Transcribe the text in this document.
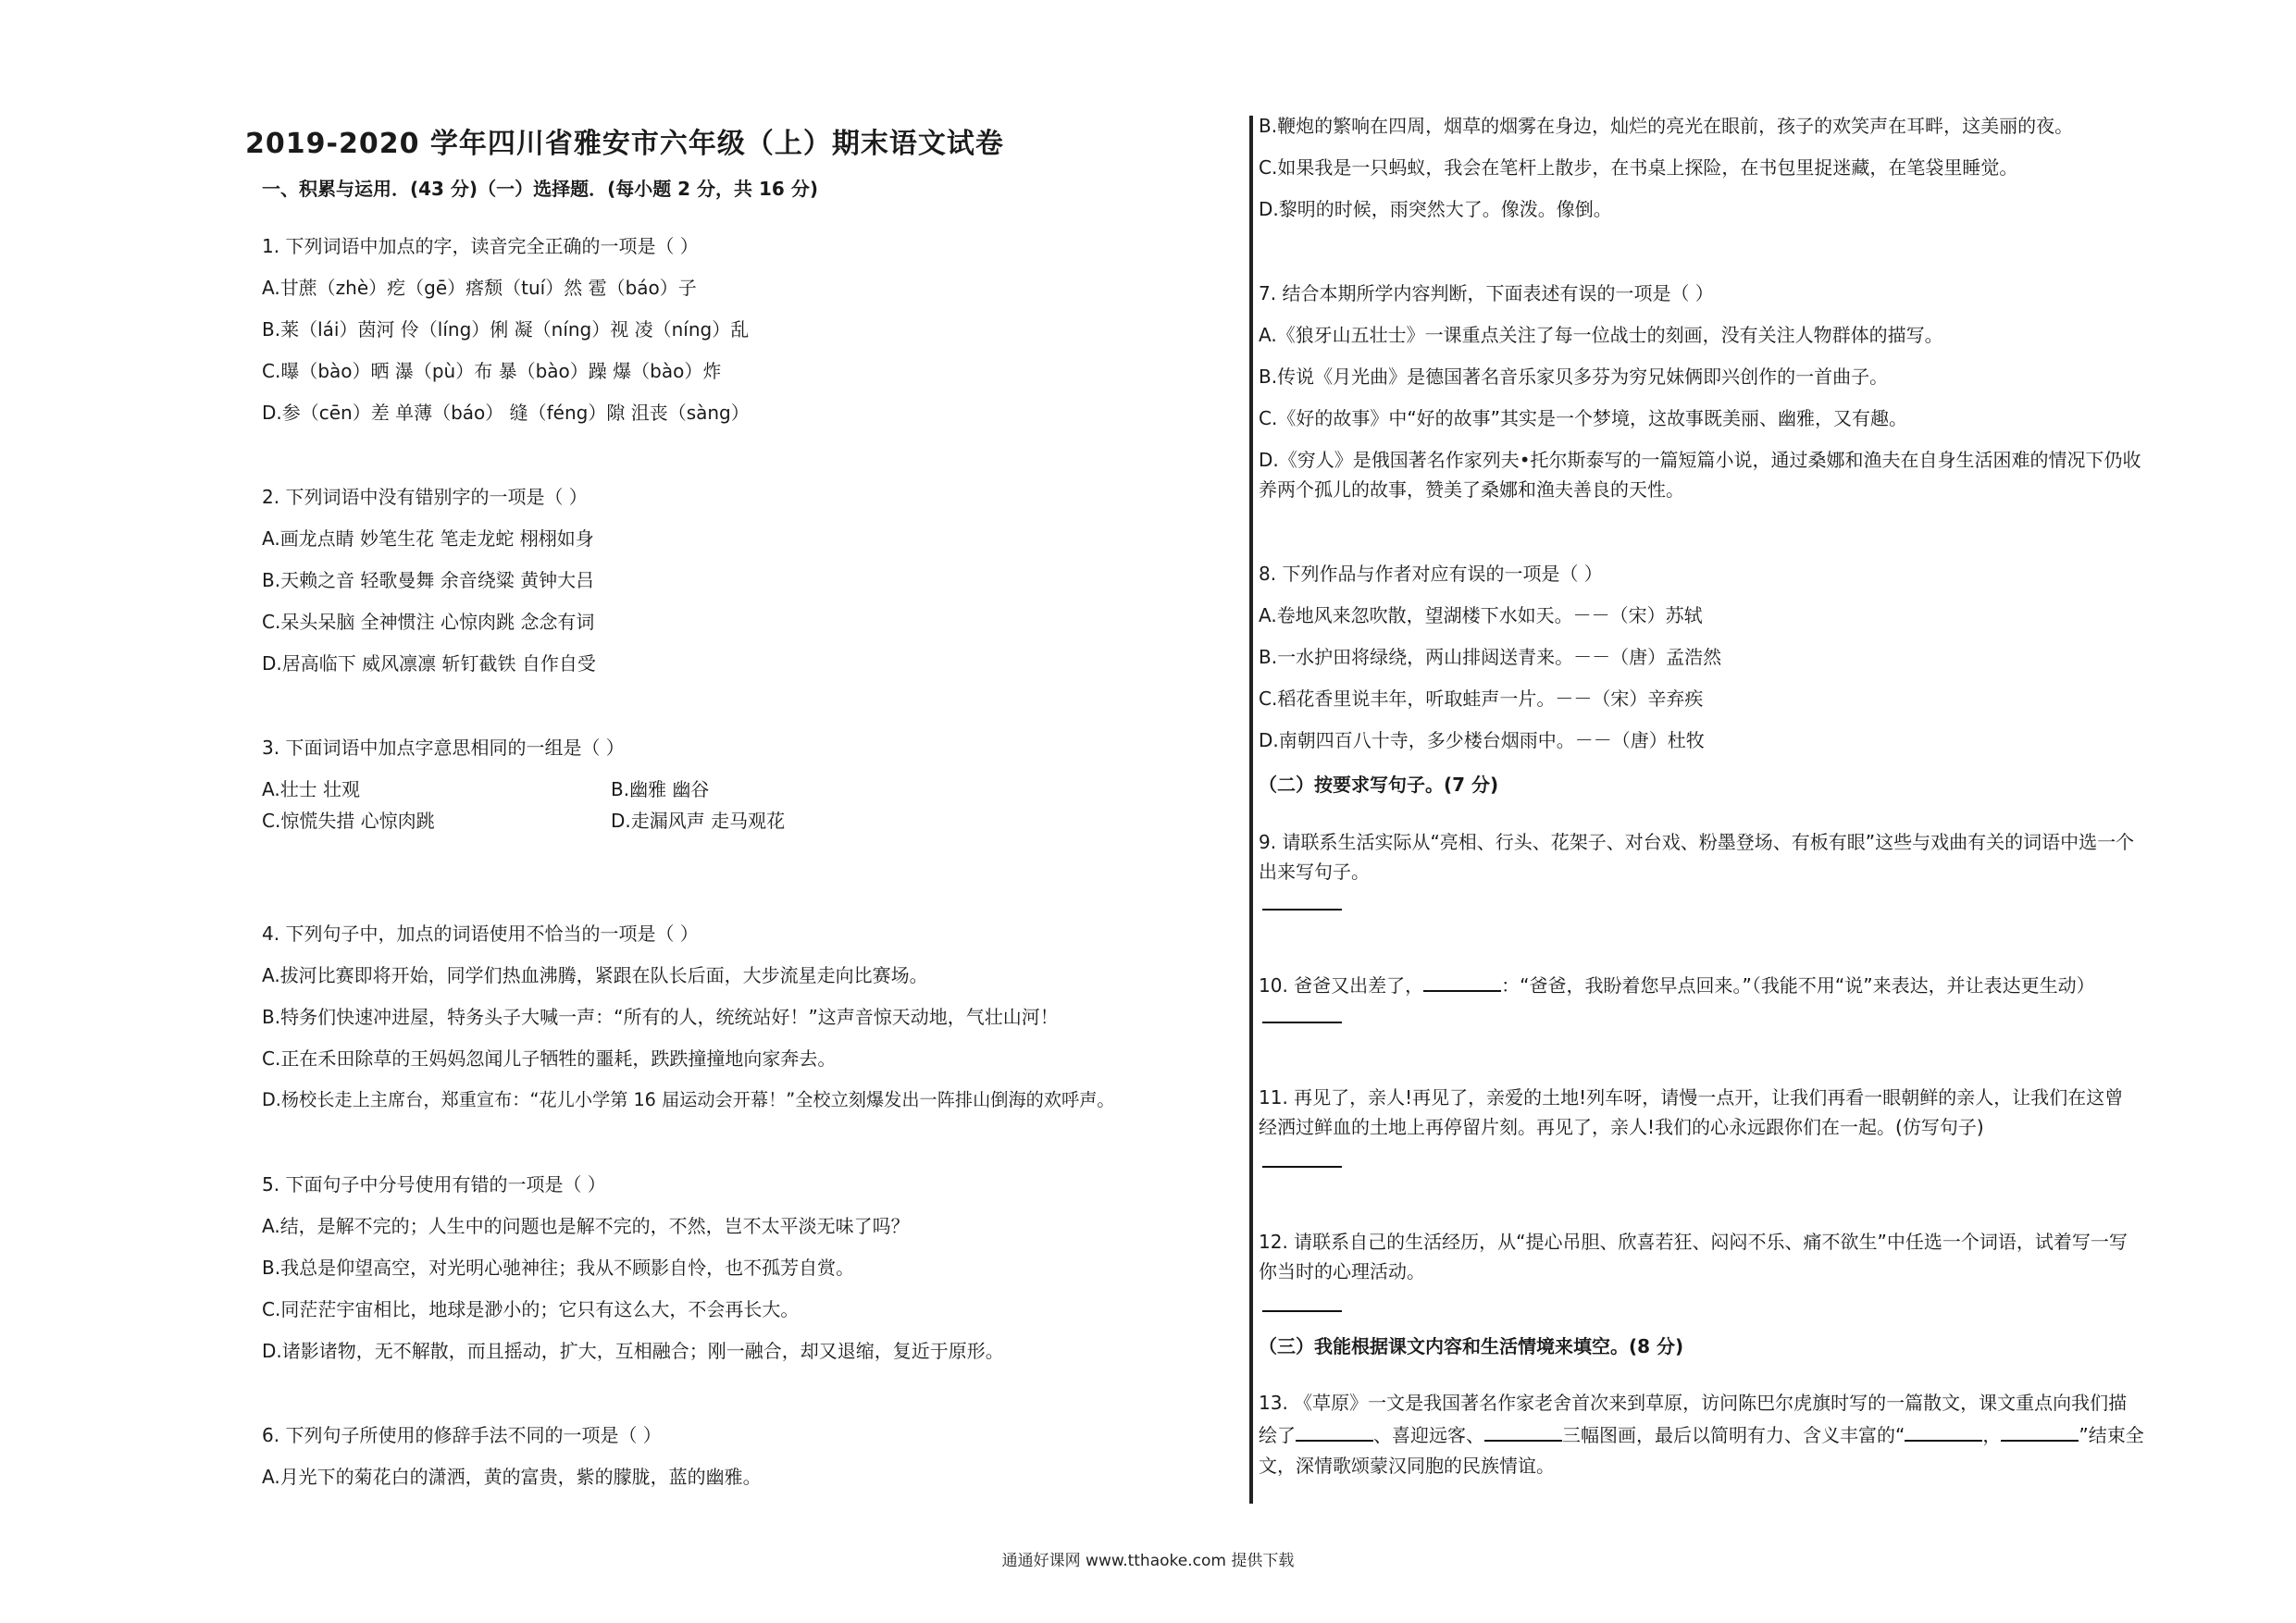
2019-2020 学年四川省雅安市六年级（上）期末语文试卷
一、积累与运用．(43 分)（一）选择题．(每小题 2 分，共 16 分)
1. 下列词语中加点的字，读音完全正确的一项是（ ）
A.甘蔗（zhè）疙（gē）瘩颓（tuí）然 雹（báo）子
B.莱（lái）茵河 伶（líng）俐 凝（níng）视 凌（níng）乱
C.曝（bào）晒 瀑（pù）布 暴（bào）躁 爆（bào）炸
D.参（cēn）差 单薄（báo） 缝（féng）隙 沮丧（sàng）
2. 下列词语中没有错别字的一项是（ ）
A.画龙点睛 妙笔生花 笔走龙蛇 栩栩如身
B.天赖之音 轻歌曼舞 余音绕粱 黄钟大吕
C.呆头呆脑 全神惯注 心惊肉跳 念念有词
D.居高临下 威风凛凛 斩钉截铁 自作自受
3. 下面词语中加点字意思相同的一组是（ ）
A.壮士 壮观	B.幽雅 幽谷
C.惊慌失措 心惊肉跳	D.走漏风声 走马观花
4. 下列句子中，加点的词语使用不恰当的一项是（ ）
A.拔河比赛即将开始，同学们热血沸腾，紧跟在队长后面，大步流星走向比赛场。
B.特务们快速冲进屋，特务头子大喊一声：“所有的人，统统站好！”这声音惊天动地，气壮山河！
C.正在禾田除草的王妈妈忽闻儿子牺牲的噩耗，跌跌撞撞地向家奔去。
D.杨校长走上主席台，郑重宣布：“花儿小学第 16 届运动会开幕！”全校立刻爆发出一阵排山倒海的欢呼声。
5. 下面句子中分号使用有错的一项是（ ）
A.结，是解不完的；人生中的问题也是解不完的，不然，岂不太平淡无味了吗？
B.我总是仰望高空，对光明心驰神往；我从不顾影自怜，也不孤芳自赏。
C.同茫茫宇宙相比，地球是渺小的；它只有这么大，不会再长大。
D.诸影诸物，无不解散，而且摇动，扩大，互相融合；刚一融合，却又退缩，复近于原形。
6. 下列句子所使用的修辞手法不同的一项是（ ）
A.月光下的菊花白的潇洒，黄的富贵，紫的朦胧，蓝的幽雅。
B.鞭炮的繁响在四周，烟草的烟雾在身边，灿烂的亮光在眼前，孩子的欢笑声在耳畔，这美丽的夜。
C.如果我是一只蚂蚁，我会在笔杆上散步，在书桌上探险，在书包里捉迷藏，在笔袋里睡觉。
D.黎明的时候，雨突然大了。像泼。像倒。
7. 结合本期所学内容判断，下面表述有误的一项是（ ）
A.《狼牙山五壮士》一课重点关注了每一位战士的刻画，没有关注人物群体的描写。
B.传说《月光曲》是德国著名音乐家贝多芬为穷兄妹俩即兴创作的一首曲子。
C.《好的故事》中“好的故事”其实是一个梦境，这故事既美丽、幽雅，又有趣。
D.《穷人》是俄国著名作家列夫•托尔斯泰写的一篇短篇小说，通过桑娜和渔夫在自身生活困难的情况下仍收
养两个孤儿的故事，赞美了桑娜和渔夫善良的天性。
8. 下列作品与作者对应有误的一项是（ ）
A.卷地风来忽吹散，望湖楼下水如天。－－（宋）苏轼
B.一水护田将绿绕，两山排闼送青来。－－（唐）孟浩然
C.稻花香里说丰年，听取蛙声一片。－－（宋）辛弃疾
D.南朝四百八十寺，多少楼台烟雨中。－－（唐）杜牧
（二）按要求写句子。(7 分)
9. 请联系生活实际从“亮相、行头、花架子、对台戏、粉墨登场、有板有眼”这些与戏曲有关的词语中选一个
出来写句子。
10. 爸爸又出差了，	：“爸爸，我盼着您早点回来。”（我能不用“说”来表达，并让表达更生动）
11. 再见了，亲人!再见了，亲爱的土地!列车呀，请慢一点开，让我们再看一眼朝鲜的亲人，让我们在这曾
经洒过鲜血的土地上再停留片刻。再见了，亲人!我们的心永远跟你们在一起。(仿写句子)
12. 请联系自己的生活经历，从“提心吊胆、欣喜若狂、闷闷不乐、痛不欲生”中任选一个词语，试着写一写
你当时的心理活动。
（三）我能根据课文内容和生活情境来填空。(8 分)
13. 《草原》一文是我国著名作家老舍首次来到草原，访问陈巴尔虎旗时写的一篇散文，课文重点向我们描
绘了	、喜迎远客、	三幅图画，最后以简明有力、含义丰富的“	，	”结束全
文，深情歌颂蒙汉同胞的民族情谊。
通通好课网 www.tthaoke.com 提供下载
